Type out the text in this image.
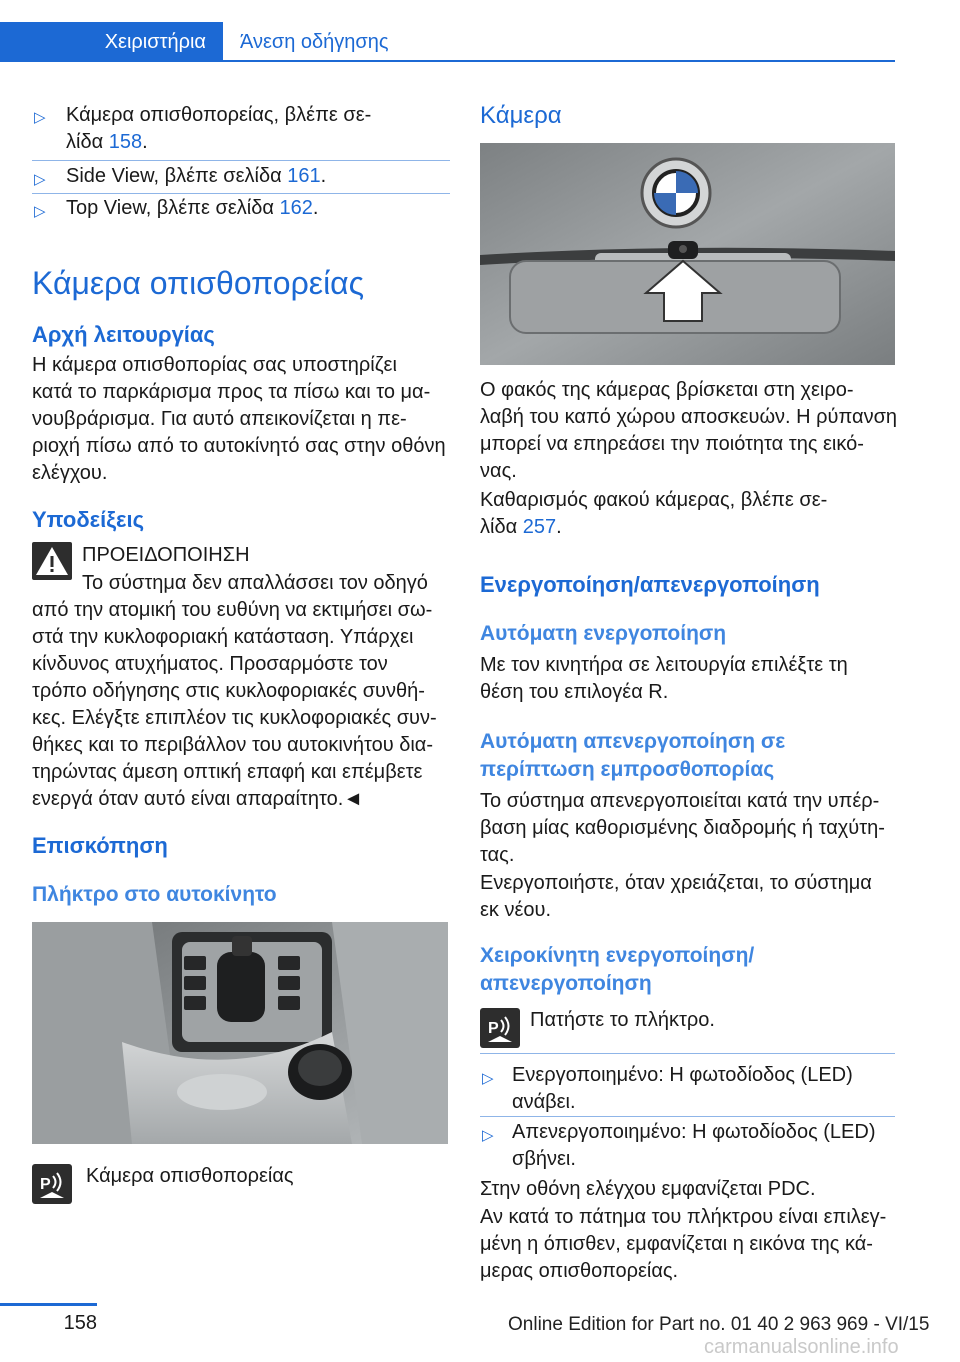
Χειριστήρια	Άνεση οδήγησης
▷ Κάμερα οπισθοπορείας, βλέπε σε-
λίδα 158.

▷ Side View, βλέπε σελίδα 161.

▷ Top View, βλέπε σελίδα 162.

Κάμερα οπισθοπορείας
Αρχή λειτουργίας

Η κάμερα οπισθοπορίας σας υποστηρίζει
κατά το παρκάρισμα προς τα πίσω και το μα-
νουβράρισμα. Για αυτό απεικονίζεται η πε-
ριοχή πίσω από το αυτοκίνητό σας στην οθόνη
ελέγχου.

Υποδείξεις

ΠΡΟΕΙΔΟΠΟΙΗΣΗ

Το σύστημα δεν απαλλάσσει τον οδηγό

από την ατομική του ευθύνη να εκτιμήσει σω-
στά την κυκλοφοριακή κατάσταση. Υπάρχει
κίνδυνος ατυχήματος. Προσαρμόστε τον
τρόπο οδήγησης στις κυκλοφοριακές συνθή-
κες. Ελέγξτε επιπλέον τις κυκλοφοριακές συν-
θήκες και το περιβάλλον του αυτοκινήτου δια-
τηρώντας άμεση οπτική επαφή και επέμβετε
ενεργά όταν αυτό είναι απαραίτητο.◄

Επισκόπηση
Πλήκτρο στο αυτοκίνητο
P Κάμερα οπισθοπορείας

Κάμερα

Ο φακός της κάμερας βρίσκεται στη χειρο-
λαβή του καπό χώρου αποσκευών. Η ρύπανση
μπορεί να επηρεάσει την ποιότητα της εικό-
νας.

Καθαρισμός φακού κάμερας, βλέπε σε-
λίδα 257.

Ενεργοποίηση/απενεργοποίηση
Αυτόματη ενεργοποίηση

Με τον κινητήρα σε λειτουργία επιλέξτε τη
θέση του επιλογέα R.

Αυτόματη απενεργοποίηση σε
περίπτωση εμπροσθοπορίας

Το σύστημα απενεργοποιείται κατά την υπέρ-
βαση μίας καθορισμένης διαδρομής ή ταχύτη-
τας.

Ενεργοποιήστε, όταν χρειάζεται, το σύστημα
εκ νέου.

Χειροκίνητη ενεργοποίηση/
απενεργοποίηση
P Πατήστε το πλήκτρο.

▷ Ενεργοποιημένο: Η φωτοδίοδος (LED)
ανάβει.

▷ Απενεργοποιημένο: Η φωτοδίοδος (LED)
σβήνει.

Στην οθόνη ελέγχου εμφανίζεται PDC.

Αν κατά το πάτημα του πλήκτρου είναι επιλεγ-
μένη η όπισθεν, εμφανίζεται η εικόνα της κά-
μερας οπισθοπορείας.

158	Online Edition for Part no. 01 40 2 963 969 - VI/15
carmanualsonline.info
